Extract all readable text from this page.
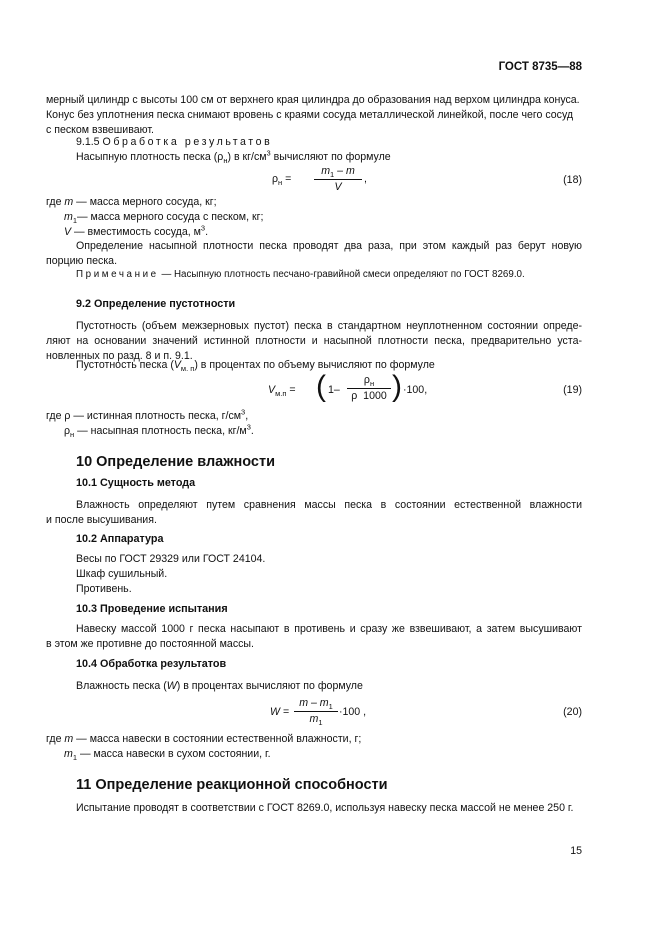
ГОСТ 8735—88
мерный цилиндр с высоты 100 см от верхнего края цилиндра до образования над верхом цилиндра конуса.
Конус без уплотнения песка снимают вровень с краями сосуда металлической линейкой, после чего сосуд
с песком взвешивают.
9.1.5 Обработка результатов
Насыпную плотность песка $(\rho_н)$ в $кг/см^3$ вычисляют по формуле
$\rho_н = \frac{m_1 - m}{V}$ ,	(18)
где m — масса мерного сосуда, кг;
$m_1—$ масса мерного сосуда с песком, кг;
V — вместимость сосуда, $м^3$.
Определение насыпной плотности песка проводят два раза, при этом каждый раз берут новую
порцию песка.
Примечание — Насыпную плотность песчано-гравийной смеси определяют по ГОСТ 8269.0.
9.2 Определение пустотности
Пустотность (объем межзерновых пустот) песка в стандартном неуплотненном состоянии опреде-
ляют на основании значений истинной плотности и насыпной плотности песка, предварительно уста-
новленных по разд. 8 и п. 9.1.
Пустотность песка $(V_{м. п})$ в процентах по объему вычисляют по формуле
$V_{м.п}$ = ( 1–
$\rho_н$
ρ 1000 ) ·100,	(19)
где ρ — истинная плотность песка, $г/см^3$,
$\rho_н$ — насыпная плотность песка, $кг/м^3$.
10 Определение влажности
10.1 Сущность метода
Влажность определяют путем сравнения массы песка в состоянии естественной влажности
и после высушивания.
10.2 Аппаратура
Весы по ГОСТ 29329 или ГОСТ 24104.
Шкаф сушильный.
Противень.
10.3 Проведение испытания
Навеску массой 1000 г песка насыпают в противень и сразу же взвешивают, а затем высушивают
в этом же противне до постоянной массы.
10.4 Обработка результатов
Влажность песка (W) в процентах вычисляют по формуле
$W = \frac{m - m_1}{m_1} \cdot 100$ ,	(20)
где m — масса навески в состоянии естественной влажности, г;
$m_1$ — масса навески в сухом состоянии, г.
11 Определение реакционной способности
Испытание проводят в соответствии с ГОСТ 8269.0, используя навеску песка массой не менее 250 г.
15
